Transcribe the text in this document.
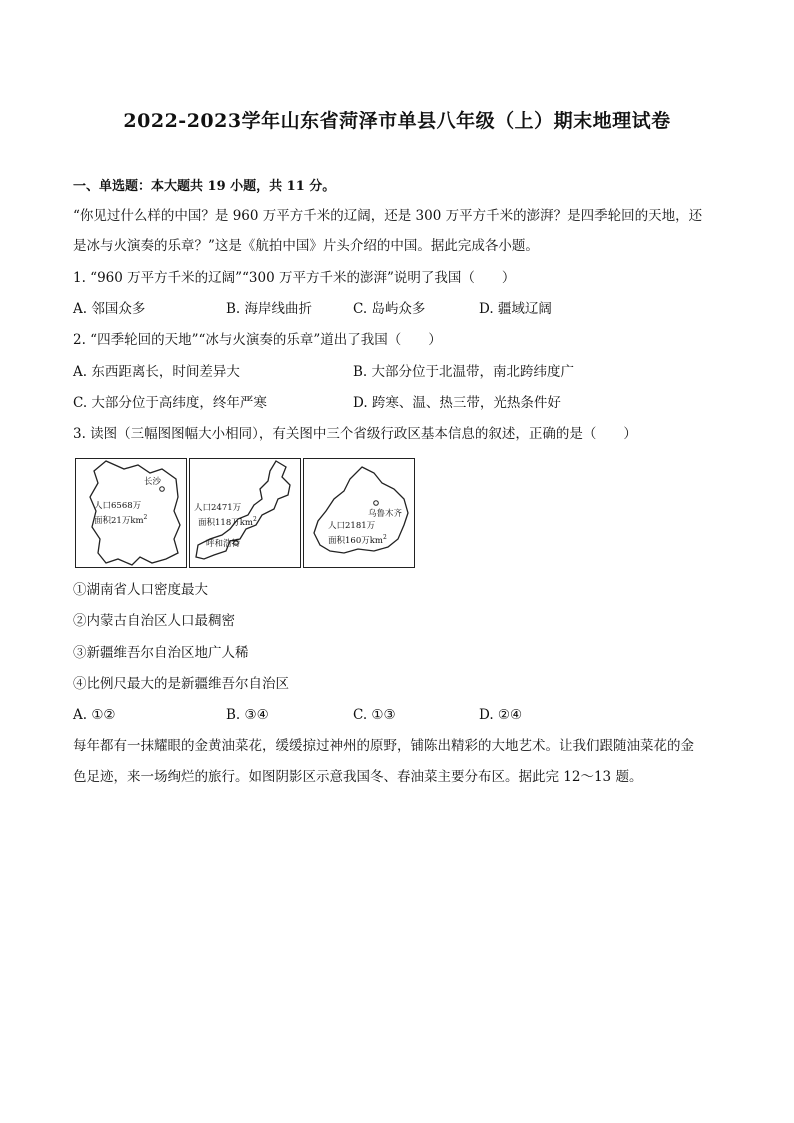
2022-2023学年山东省菏泽市单县八年级（上）期末地理试卷
一、单选题：本大题共 19 小题，共 11 分。
“你见过什么样的中国？是 960 万平方千米的辽阔，还是 300 万平方千米的澎湃？是四季轮回的天地，还
是冰与火演奏的乐章？”这是《航拍中国》片头介绍的中国。据此完成各小题。
1. “960 万平方千米的辽阔”“300 万平方千米的澎湃”说明了我国（　　）
A. 邻国众多	B. 海岸线曲折	C. 岛屿众多	D. 疆域辽阔
2. “四季轮回的天地”“冰与火演奏的乐章”道出了我国（　　）
A. 东西距离长，时间差异大	B. 大部分位于北温带，南北跨纬度广
C. 大部分位于高纬度，终年严寒	D. 跨寒、温、热三带，光热条件好
3. 读图（三幅图图幅大小相同），有关图中三个省级行政区基本信息的叙述，正确的是（　　）
长沙
人口6568万
面积21万$km^2$
人口2471万
面积118万$km^2$
呼和浩特
乌鲁木齐
人口2181万
面积160万$km^2$
①湖南省人口密度最大
②内蒙古自治区人口最稠密
③新疆维吾尔自治区地广人稀
④比例尺最大的是新疆维吾尔自治区
A. ①②	B. ③④	C. ①③	D. ②④
每年都有一抹耀眼的金黄油菜花，缓缓掠过神州的原野，铺陈出精彩的大地艺术。让我们跟随油菜花的金
色足迹，来一场绚烂的旅行。如图阴影区示意我国冬、春油菜主要分布区。据此完 12～13 题。
